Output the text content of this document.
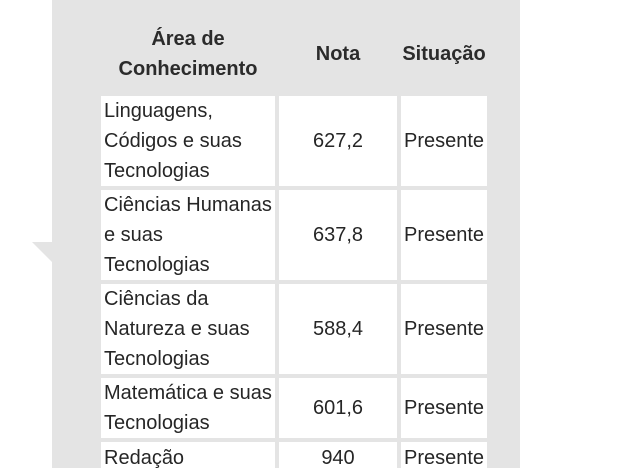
Área de Conhecimento	Nota	Situação
Linguagens, Códigos e suas Tecnologias	627,2	Presente
Ciências Humanas e suas Tecnologias	637,8	Presente
Ciências da Natureza e suas Tecnologias	588,4	Presente
Matemática e suas Tecnologias	601,6	Presente
Redação	940	Presente
